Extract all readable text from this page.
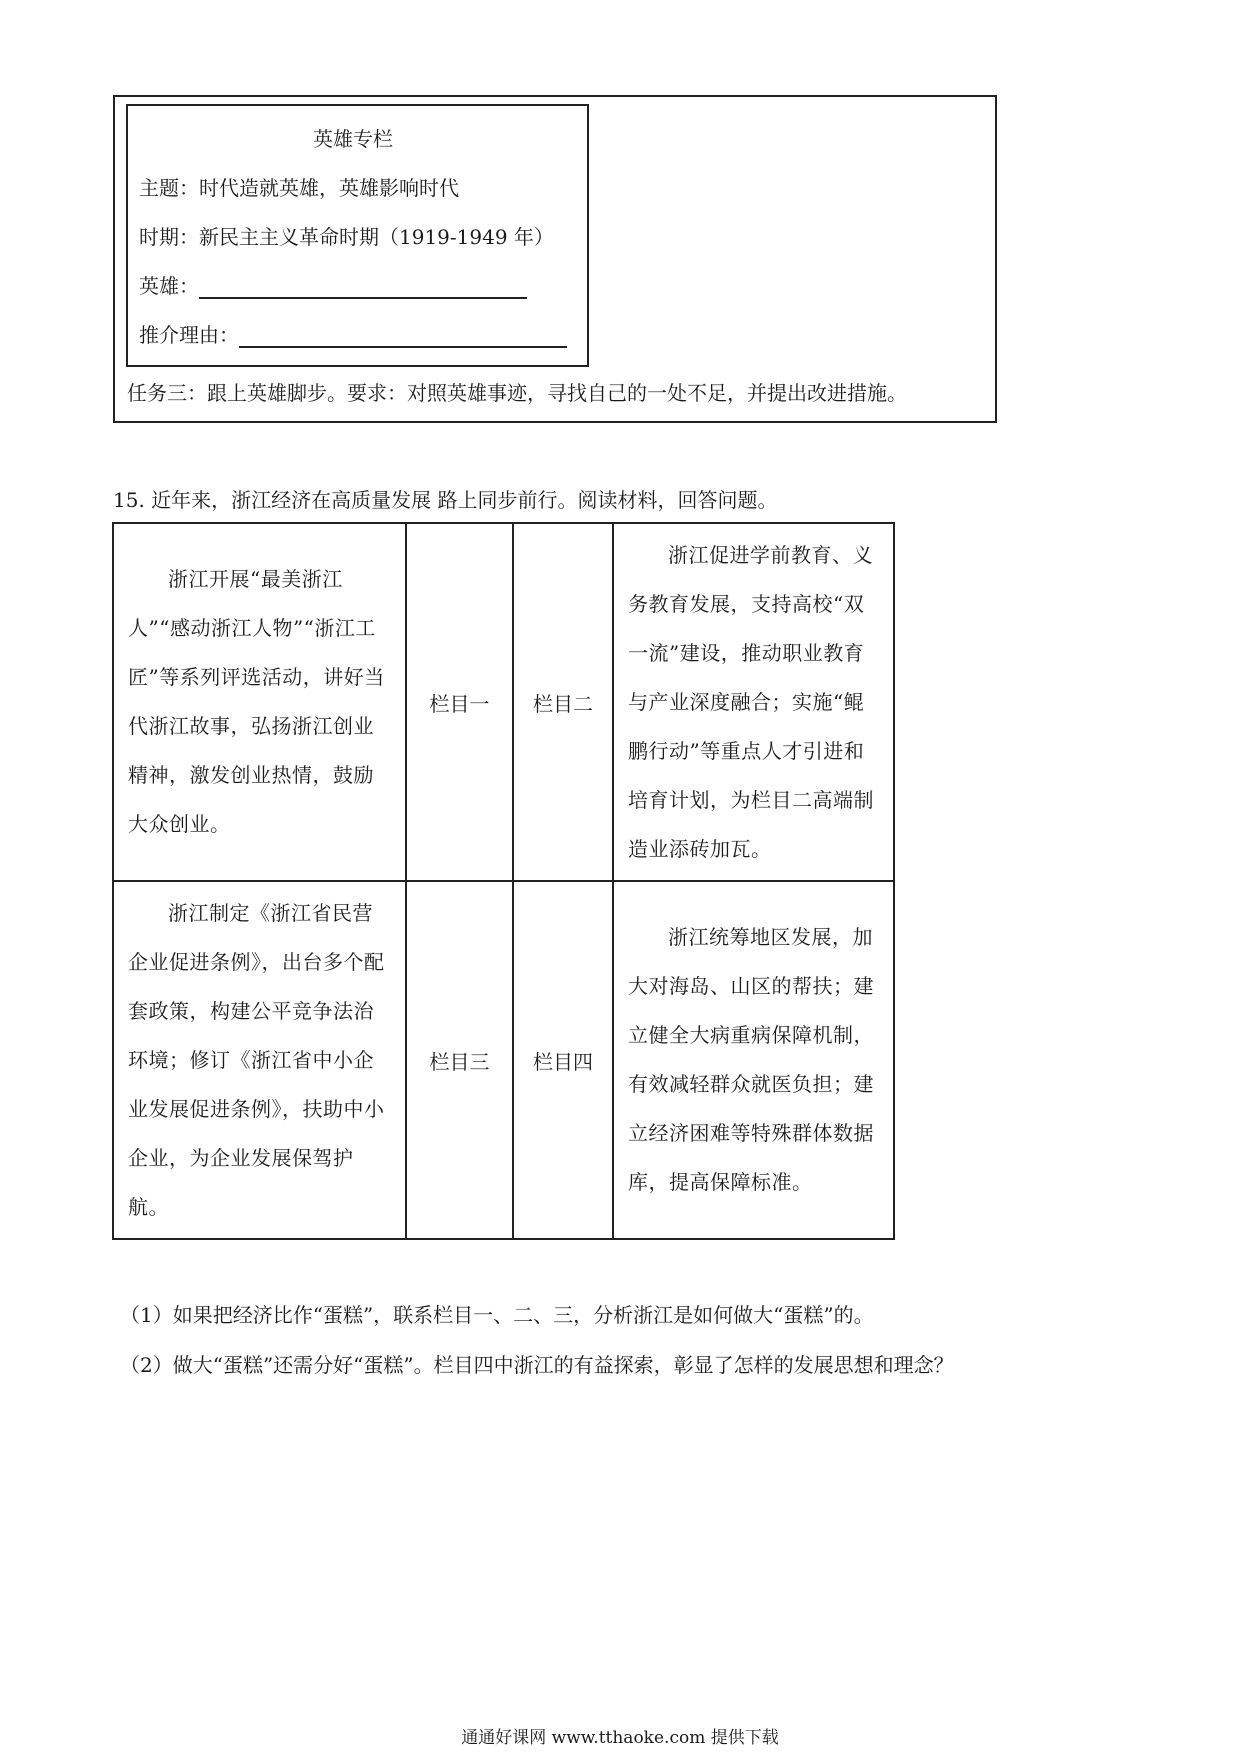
英雄专栏
主题：时代造就英雄，英雄影响时代
时期：新民主主义革命时期（1919-1949 年）
英雄：
推介理由：
任务三：跟上英雄脚步。要求：对照英雄事迹，寻找自己的一处不足，并提出改进措施。
15. 近年来，浙江经济在高质量发展 路上同步前行。阅读材料，回答问题。
浙江开展“最美浙江人”“感动浙江人物”“浙江工匠”等系列评选活动，讲好当代浙江故事，弘扬浙江创业精神，激发创业热情，鼓励大众创业。	栏目一	栏目二	浙江促进学前教育、义务教育发展，支持高校“双一流”建设，推动职业教育与产业深度融合；实施“鲲鹏行动”等重点人才引进和培育计划，为栏目二高端制造业添砖加瓦。
浙江制定《浙江省民营企业促进条例》，出台多个配套政策，构建公平竞争法治环境；修订《浙江省中小企业发展促进条例》，扶助中小企业，为企业发展保驾护航。	栏目三	栏目四	浙江统筹地区发展，加大对海岛、山区的帮扶；建立健全大病重病保障机制，有效减轻群众就医负担；建立经济困难等特殊群体数据库，提高保障标准。
（1）如果把经济比作“蛋糕”，联系栏目一、二、三，分析浙江是如何做大“蛋糕”的。
（2）做大“蛋糕”还需分好“蛋糕”。栏目四中浙江的有益探索，彰显了怎样的发展思想和理念？
通通好课网 www.tthaoke.com 提供下载
